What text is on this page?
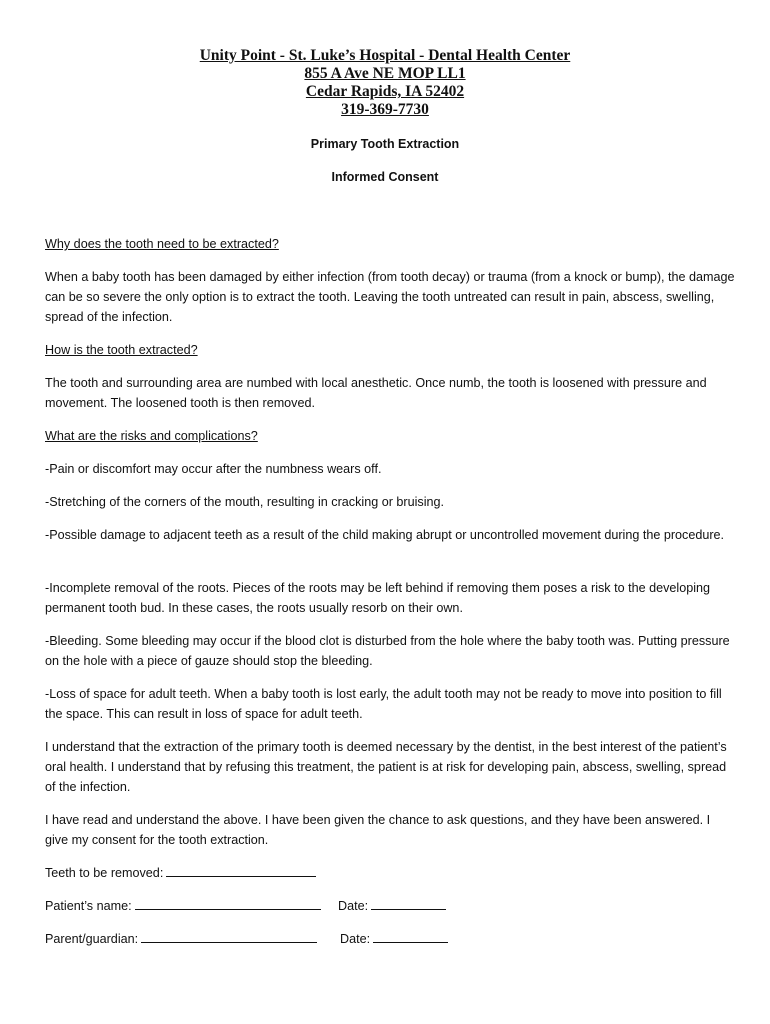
Unity Point - St. Luke’s Hospital - Dental Health Center
855 A Ave NE MOP LL1
Cedar Rapids, IA 52402
319-369-7730
Primary Tooth Extraction
Informed Consent
Why does the tooth need to be extracted?
When a baby tooth has been damaged by either infection (from tooth decay) or trauma (from a knock or bump), the damage can be so severe the only option is to extract the tooth. Leaving the tooth untreated can result in pain, abscess, swelling, spread of the infection.
How is the tooth extracted?
The tooth and surrounding area are numbed with local anesthetic. Once numb, the tooth is loosened with pressure and movement. The loosened tooth is then removed.
What are the risks and complications?
-Pain or discomfort may occur after the numbness wears off.
-Stretching of the corners of the mouth, resulting in cracking or bruising.
-Possible damage to adjacent teeth as a result of the child making abrupt or uncontrolled movement during the procedure.
-Incomplete removal of the roots. Pieces of the roots may be left behind if removing them poses a risk to the developing permanent tooth bud. In these cases, the roots usually resorb on their own.
-Bleeding. Some bleeding may occur if the blood clot is disturbed from the hole where the baby tooth was. Putting pressure on the hole with a piece of gauze should stop the bleeding.
-Loss of space for adult teeth. When a baby tooth is lost early, the adult tooth may not be ready to move into position to fill the space. This can result in loss of space for adult teeth.
I understand that the extraction of the primary tooth is deemed necessary by the dentist, in the best interest of the patient’s oral health. I understand that by refusing this treatment, the patient is at risk for developing pain, abscess, swelling, spread of the infection.
I have read and understand the above. I have been given the chance to ask questions, and they have been answered. I give my consent for the tooth extraction.
Teeth to be removed:
Patient’s name:	Date:
Parent/guardian:	Date:
